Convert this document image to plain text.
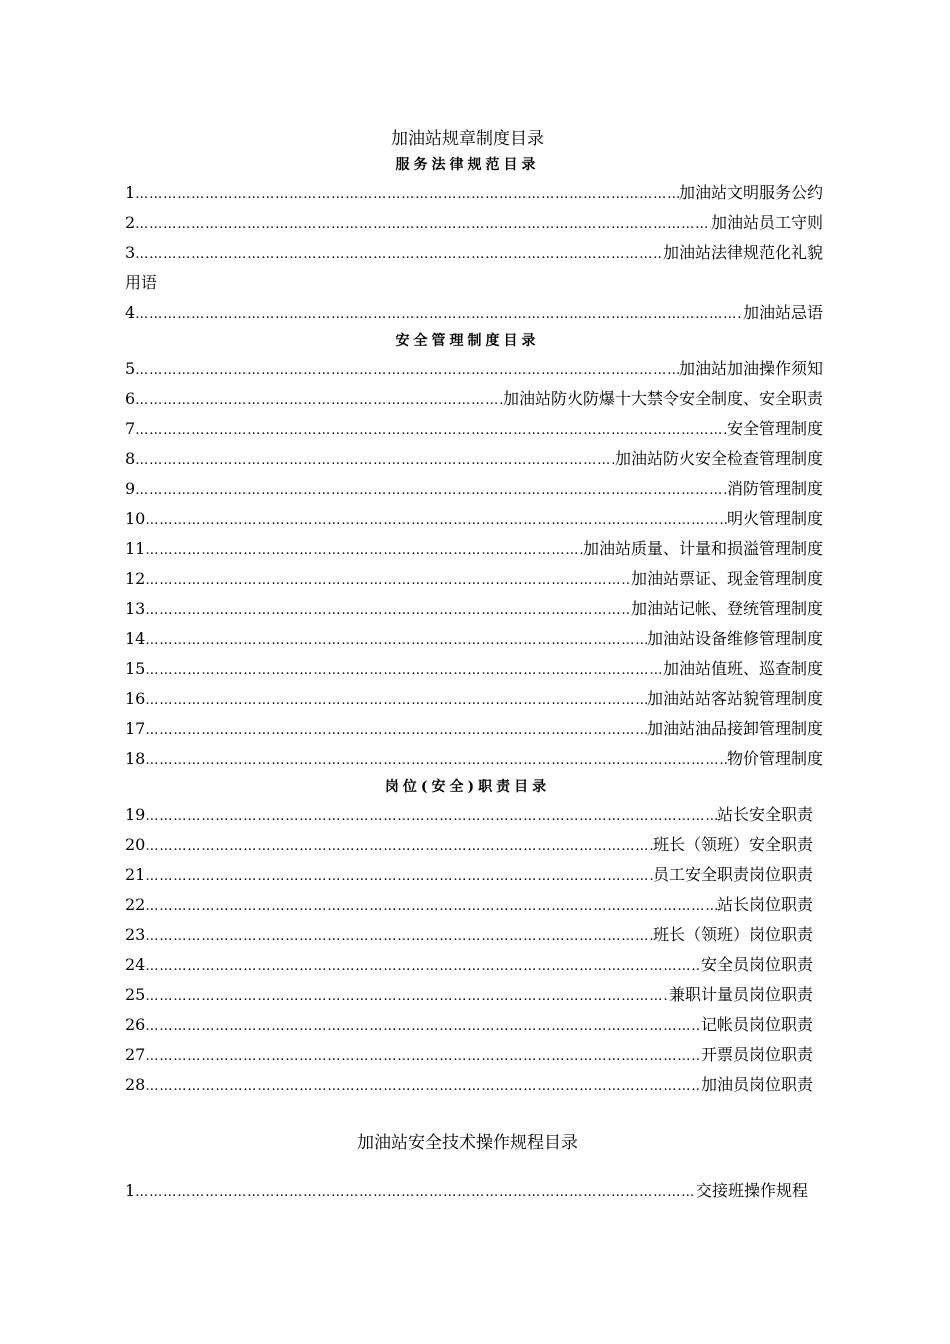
加油站规章制度目录
服务法律规范目录
1 ………………………………………………………………………………………………………………………………………………………………………………	加油站文明服务公约
2 ………………………………………………………………………………………………………………………………………………………………………………	加油站员工守则
3 ………………………………………………………………………………………………………………………………………………………………………………	加油站法律规范化礼貌
用语
4 ………………………………………………………………………………………………………………………………………………………………………………	加油站忌语
安全管理制度目录
5 ………………………………………………………………………………………………………………………………………………………………………………	加油站加油操作须知
6 ………………………………………………………………………………………………………………………………………………………………………………	加油站防火防爆十大禁令安全制度、安全职责
7 ………………………………………………………………………………………………………………………………………………………………………………	安全管理制度
8 ………………………………………………………………………………………………………………………………………………………………………………	加油站防火安全检查管理制度
9 ………………………………………………………………………………………………………………………………………………………………………………	消防管理制度
10 ………………………………………………………………………………………………………………………………………………………………………………	明火管理制度
11 ………………………………………………………………………………………………………………………………………………………………………………	加油站质量、计量和损溢管理制度
12 ………………………………………………………………………………………………………………………………………………………………………………	加油站票证、现金管理制度
13 ………………………………………………………………………………………………………………………………………………………………………………	加油站记帐、登统管理制度
14 ………………………………………………………………………………………………………………………………………………………………………………	加油站设备维修管理制度
15 ………………………………………………………………………………………………………………………………………………………………………………	加油站值班、巡查制度
16 ………………………………………………………………………………………………………………………………………………………………………………	加油站站客站貌管理制度
17 ………………………………………………………………………………………………………………………………………………………………………………	加油站油品接卸管理制度
18 ………………………………………………………………………………………………………………………………………………………………………………	物价管理制度
岗位(安全)职责目录
19 ………………………………………………………………………………………………………………………………………………………………………………	站长安全职责
20 ………………………………………………………………………………………………………………………………………………………………………………	班长（领班）安全职责
21 ………………………………………………………………………………………………………………………………………………………………………………	员工安全职责岗位职责
22 ………………………………………………………………………………………………………………………………………………………………………………	站长岗位职责
23 ………………………………………………………………………………………………………………………………………………………………………………	班长（领班）岗位职责
24 ………………………………………………………………………………………………………………………………………………………………………………	安全员岗位职责
25 ………………………………………………………………………………………………………………………………………………………………………………	兼职计量员岗位职责
26 ………………………………………………………………………………………………………………………………………………………………………………	记帐员岗位职责
27 ………………………………………………………………………………………………………………………………………………………………………………	开票员岗位职责
28 ………………………………………………………………………………………………………………………………………………………………………………	加油员岗位职责
加油站安全技术操作规程目录
1 ………………………………………………………………………………………………………………………………………………………………………………	交接班操作规程
